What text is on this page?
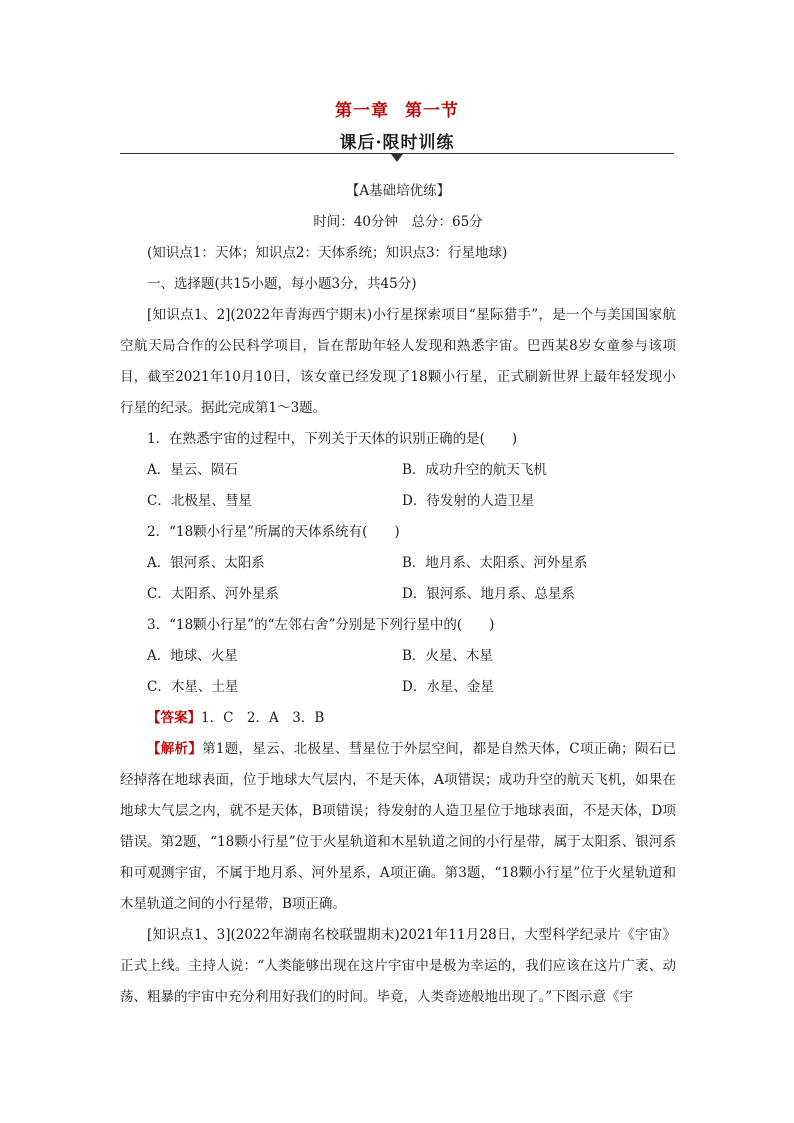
第一章 第一节
课后·限时训练
【A基础培优练】
时间：40分钟　总分：65分
(知识点1：天体；知识点2：天体系统；知识点3：行星地球)
一、选择题(共15小题，每小题3分，共45分)
[知识点1、2](2022年青海西宁期末)小行星探索项目“星际猎手”，是一个与美国国家航空航天局合作的公民科学项目，旨在帮助年轻人发现和熟悉宇宙。巴西某8岁女童参与该项目，截至2021年10月10日，该女童已经发现了18颗小行星，正式刷新世界上最年轻发现小行星的纪录。据此完成第1～3题。
1．在熟悉宇宙的过程中，下列关于天体的识别正确的是(　　)
A．星云、陨石	B．成功升空的航天飞机
C．北极星、彗星	D．待发射的人造卫星
2．“18颗小行星”所属的天体系统有(　　)
A．银河系、太阳系	B．地月系、太阳系、河外星系
C．太阳系、河外星系	D．银河系、地月系、总星系
3．“18颗小行星”的“左邻右舍”分别是下列行星中的(　　)
A．地球、火星	B．火星、木星
C．木星、土星	D．水星、金星
【答案】1．C　2．A　3．B
【解析】第1题，星云、北极星、彗星位于外层空间，都是自然天体，C项正确；陨石已经掉落在地球表面，位于地球大气层内，不是天体，A项错误；成功升空的航天飞机，如果在地球大气层之内，就不是天体，B项错误；待发射的人造卫星位于地球表面，不是天体，D项错误。第2题，“18颗小行星”位于火星轨道和木星轨道之间的小行星带，属于太阳系、银河系和可观测宇宙，不属于地月系、河外星系，A项正确。第3题，“18颗小行星”位于火星轨道和木星轨道之间的小行星带，B项正确。
[知识点1、3](2022年湖南名校联盟期末)2021年11月28日，大型科学纪录片《宇宙》正式上线。主持人说：“人类能够出现在这片宇宙中是极为幸运的，我们应该在这片广袤、动荡、粗暴的宇宙中充分利用好我们的时间。毕竟，人类奇迹般地出现了。”下图示意《宇
